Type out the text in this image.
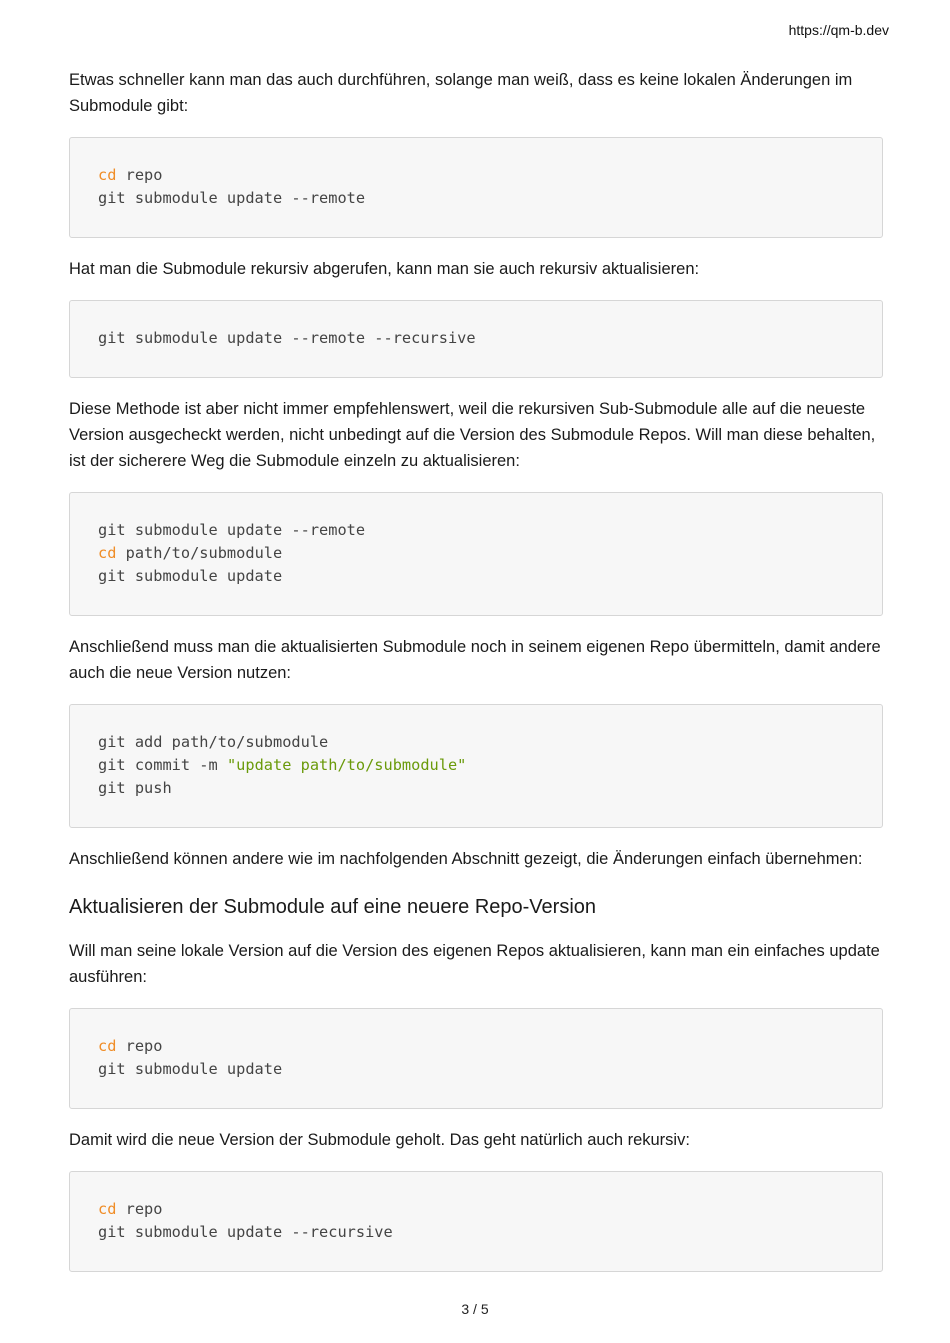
https://qm-b.dev

Etwas schneller kann man das auch durchführen, solange man weiß, dass es keine lokalen Änderungen im Submodule gibt:

cd repo
git submodule update --remote

Hat man die Submodule rekursiv abgerufen, kann man sie auch rekursiv aktualisieren:

git submodule update --remote --recursive

Diese Methode ist aber nicht immer empfehlenswert, weil die rekursiven Sub-Submodule alle auf die neueste Version ausgecheckt werden, nicht unbedingt auf die Version des Submodule Repos. Will man diese behalten, ist der sicherere Weg die Submodule einzeln zu aktualisieren:

git submodule update --remote
cd path/to/submodule
git submodule update

Anschließend muss man die aktualisierten Submodule noch in seinem eigenen Repo übermitteln, damit andere auch die neue Version nutzen:

git add path/to/submodule
git commit -m "update path/to/submodule"
git push

Anschließend können andere wie im nachfolgenden Abschnitt gezeigt, die Änderungen einfach übernehmen:

Aktualisieren der Submodule auf eine neuere Repo-Version

Will man seine lokale Version auf die Version des eigenen Repos aktualisieren, kann man ein einfaches update ausführen:

cd repo
git submodule update

Damit wird die neue Version der Submodule geholt. Das geht natürlich auch rekursiv:

cd repo
git submodule update --recursive
3 / 5
